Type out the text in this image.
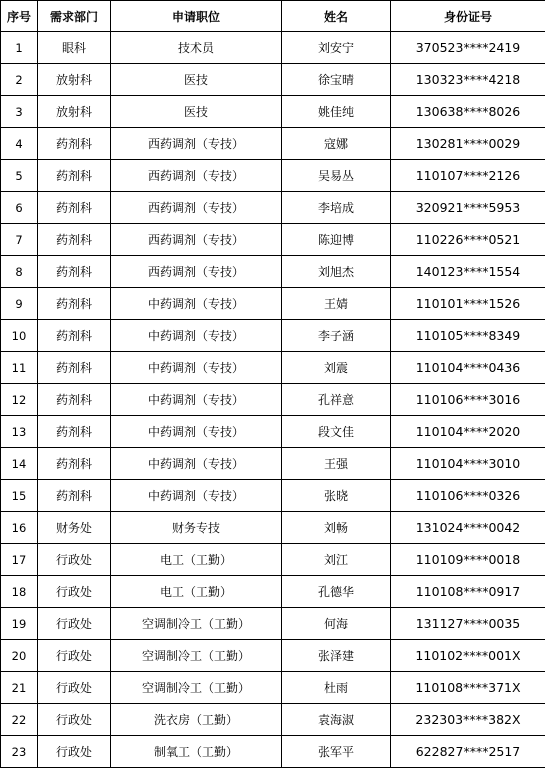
序号	需求部门	申请职位	姓名	身份证号
1	眼科	技术员	刘安宁	370523****2419
2	放射科	医技	徐宝晴	130323****4218
3	放射科	医技	姚佳纯	130638****8026
4	药剂科	西药调剂（专技）	寇娜	130281****0029
5	药剂科	西药调剂（专技）	吴易丛	110107****2126
6	药剂科	西药调剂（专技）	李培成	320921****5953
7	药剂科	西药调剂（专技）	陈迎博	110226****0521
8	药剂科	西药调剂（专技）	刘旭杰	140123****1554
9	药剂科	中药调剂（专技）	王婧	110101****1526
10	药剂科	中药调剂（专技）	李子涵	110105****8349
11	药剂科	中药调剂（专技）	刘震	110104****0436
12	药剂科	中药调剂（专技）	孔祥意	110106****3016
13	药剂科	中药调剂（专技）	段文佳	110104****2020
14	药剂科	中药调剂（专技）	王强	110104****3010
15	药剂科	中药调剂（专技）	张晓	110106****0326
16	财务处	财务专技	刘畅	131024****0042
17	行政处	电工（工勤）	刘江	110109****0018
18	行政处	电工（工勤）	孔德华	110108****0917
19	行政处	空调制冷工（工勤）	何海	131127****0035
20	行政处	空调制冷工（工勤）	张泽建	110102****001X
21	行政处	空调制冷工（工勤）	杜雨	110108****371X
22	行政处	洗衣房（工勤）	袁海淑	232303****382X
23	行政处	制氧工（工勤）	张军平	622827****2517
